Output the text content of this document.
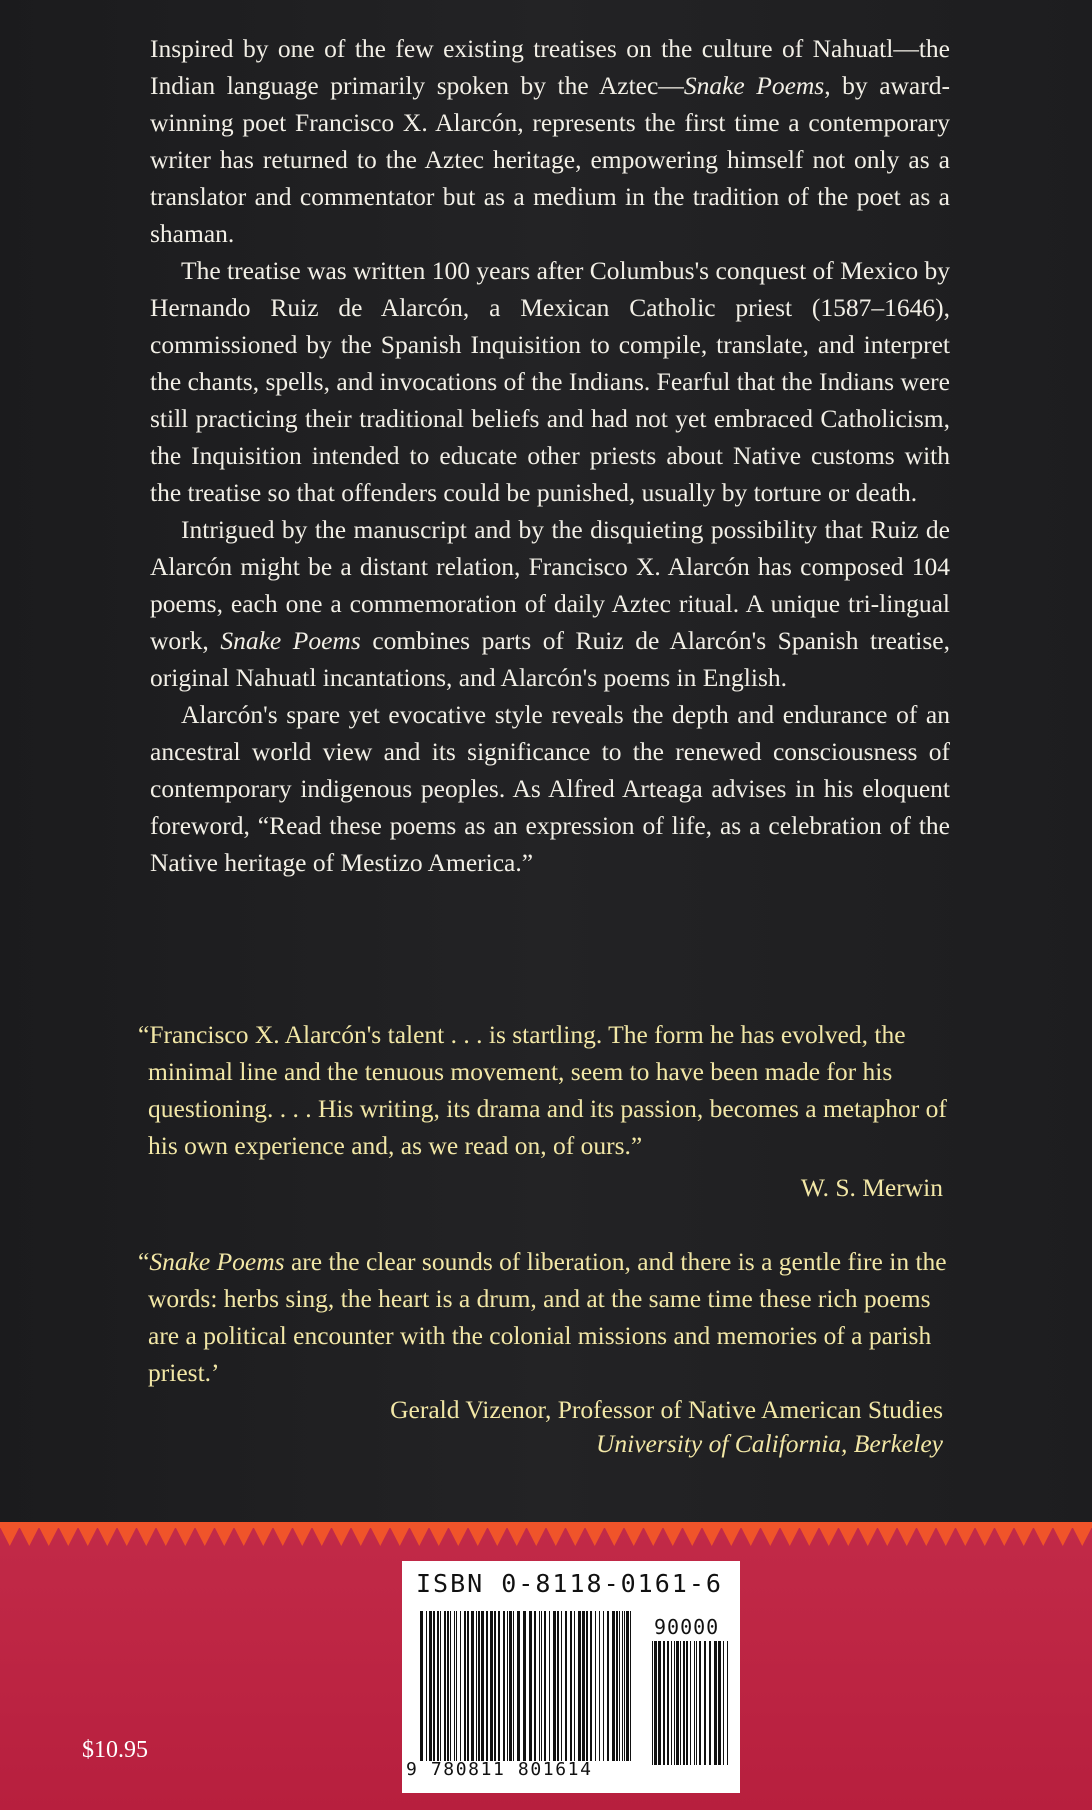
Inspired by one of the few existing treatises on the culture of Nahuatl—the Indian language primarily spoken by the Aztec—Snake Poems, by award-winning poet Francisco X. Alarcón, represents the first time a contemporary writer has returned to the Aztec heritage, empowering himself not only as a translator and commentator but as a medium in the tradition of the poet as a shaman.

The treatise was written 100 years after Columbus's conquest of Mexico by Hernando Ruiz de Alarcón, a Mexican Catholic priest (1587–1646), commissioned by the Spanish Inquisition to compile, translate, and interpret the chants, spells, and invocations of the Indians. Fearful that the Indians were still practicing their traditional beliefs and had not yet embraced Catholicism, the Inquisition intended to educate other priests about Native customs with the treatise so that offenders could be punished, usually by torture or death.

Intrigued by the manuscript and by the disquieting possibility that Ruiz de Alarcón might be a distant relation, Francisco X. Alarcón has composed 104 poems, each one a commemoration of daily Aztec ritual. A unique tri-lingual work, Snake Poems combines parts of Ruiz de Alarcón's Spanish treatise, original Nahuatl incantations, and Alarcón's poems in English.

Alarcón's spare yet evocative style reveals the depth and endurance of an ancestral world view and its significance to the renewed consciousness of contemporary indigenous peoples. As Alfred Arteaga advises in his eloquent foreword, “Read these poems as an expression of life, as a celebration of the Native heritage of Mestizo America.”

“Francisco X. Alarcón's talent . . . is startling. The form he has evolved, the minimal line and the tenuous movement, seem to have been made for his questioning. . . . His writing, its drama and its passion, becomes a metaphor of his own experience and, as we read on, of ours.”

W. S. Merwin

“Snake Poems are the clear sounds of liberation, and there is a gentle fire in the words: herbs sing, the heart is a drum, and at the same time these rich poems are a political encounter with the colonial missions and memories of a parish priest.’

Gerald Vizenor, Professor of Native American Studies
University of California, Berkeley

$10.95
ISBN 0-8118-0161-6
90000
9 780811 801614
